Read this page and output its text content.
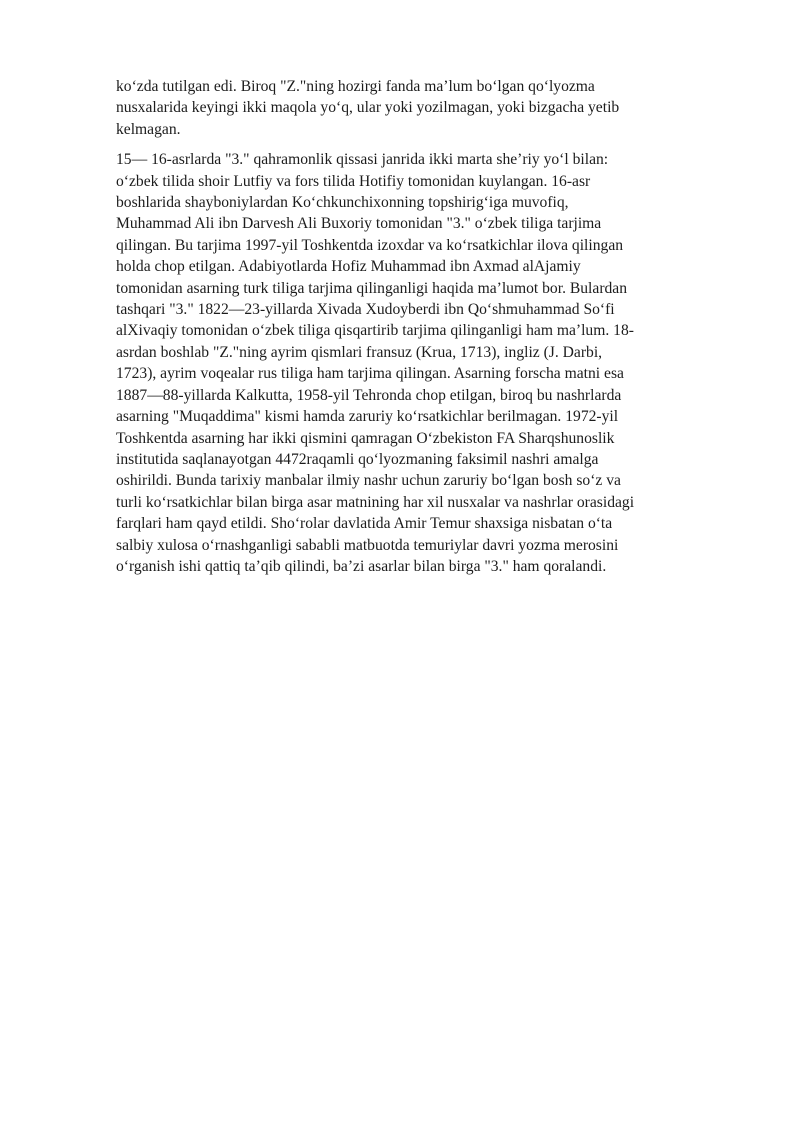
ko‘zda tutilgan edi. Biroq "Z."ning hozirgi fanda ma’lum bo‘lgan qo‘lyozma
nusxalarida keyingi ikki maqola yo‘q, ular yoki yozilmagan, yoki bizgacha yetib
kelmagan.

15— 16-asrlarda "3." qahramonlik qissasi janrida ikki marta she’riy yo‘l bilan:
o‘zbek tilida shoir Lutfiy va fors tilida Hotifiy tomonidan kuylangan. 16-asr
boshlarida shayboniylardan Ko‘chkunchixonning topshirig‘iga muvofiq,
Muhammad Ali ibn Darvesh Ali Buxoriy tomonidan "3." o‘zbek tiliga tarjima
qilingan. Bu tarjima 1997-yil Toshkentda izoxdar va ko‘rsatkichlar ilova qilingan
holda chop etilgan. Adabiyotlarda Hofiz Muhammad ibn Axmad alAjamiy
tomonidan asarning turk tiliga tarjima qilinganligi haqida ma’lumot bor. Bulardan
tashqari "3." 1822—23-yillarda Xivada Xudoyberdi ibn Qo‘shmuhammad So‘fi
alXivaqiy tomonidan o‘zbek tiliga qisqartirib tarjima qilinganligi ham ma’lum. 18-
asrdan boshlab "Z."ning ayrim qismlari fransuz (Krua, 1713), ingliz (J. Darbi,
1723), ayrim voqealar rus tiliga ham tarjima qilingan. Asarning forscha matni esa
1887—88-yillarda Kalkutta, 1958-yil Tehronda chop etilgan, biroq bu nashrlarda
asarning "Muqaddima" kismi hamda zaruriy ko‘rsatkichlar berilmagan. 1972-yil
Toshkentda asarning har ikki qismini qamragan O‘zbekiston FA Sharqshunoslik
institutida saqlanayotgan 4472raqamli qo‘lyozmaning faksimil nashri amalga
oshirildi. Bunda tarixiy manbalar ilmiy nashr uchun zaruriy bo‘lgan bosh so‘z va
turli ko‘rsatkichlar bilan birga asar matnining har xil nusxalar va nashrlar orasidagi
farqlari ham qayd etildi. Sho‘rolar davlatida Amir Temur shaxsiga nisbatan o‘ta
salbiy xulosa o‘rnashganligi sababli matbuotda temuriylar davri yozma merosini
o‘rganish ishi qattiq ta’qib qilindi, ba’zi asarlar bilan birga "3." ham qoralandi.
